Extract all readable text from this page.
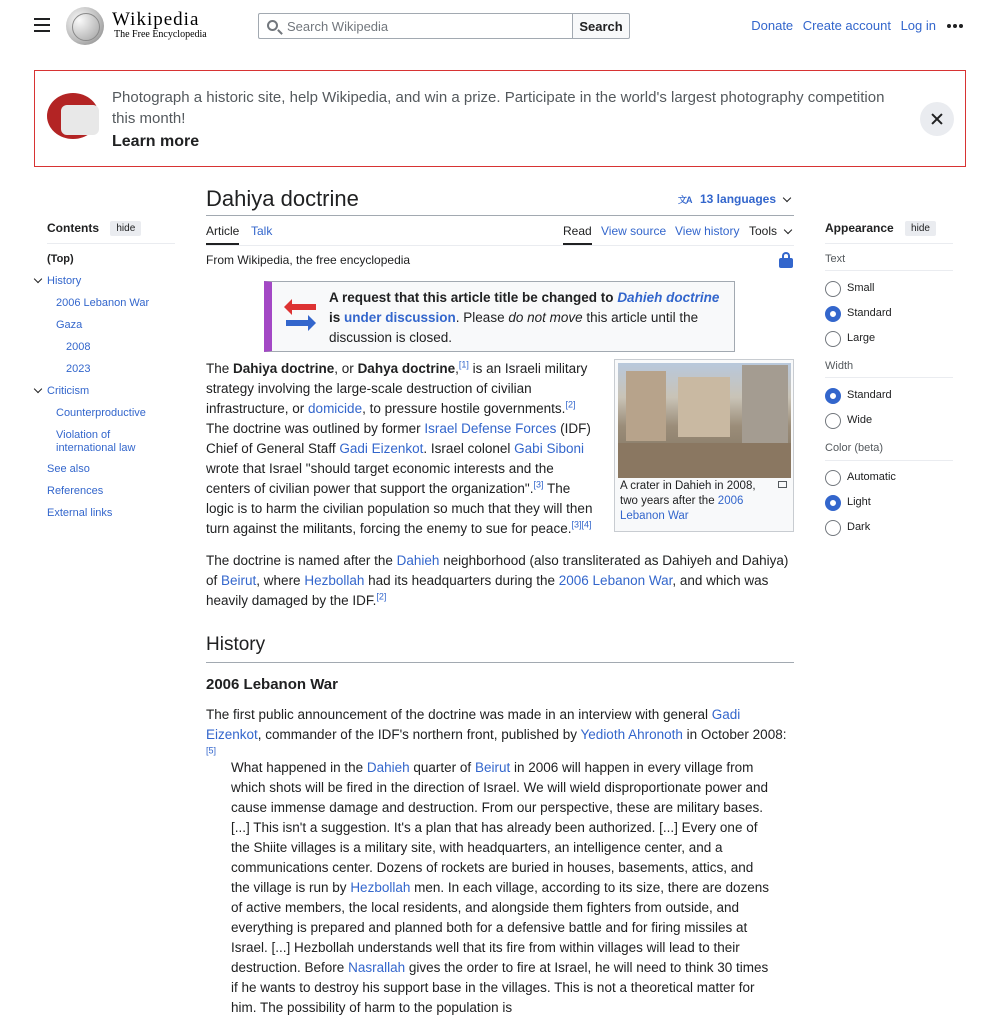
Wikipedia
The Free Encyclopedia
Search Wikipedia
Search	Donate Create account Log in
Photograph a historic site, help Wikipedia, and win a prize. Participate in the world's largest photography competition this month!
Learn more
Contents hide
(Top)
History
2006 Lebanon War
Gaza
2008
2023
Criticism
Counterproductive
Violation of international law
See also
References
External links
Dahiya doctrine
文A	13 languages
Article Talk	Read View source View history Tools
From Wikipedia, the free encyclopedia
A request that this article title be changed to Dahieh doctrine is under discussion. Please do not move this article until the discussion is closed.
The Dahiya doctrine, or Dahya doctrine,[1] is an Israeli military strategy involving the large-scale destruction of civilian infrastructure, or domicide, to pressure hostile governments.[2] The doctrine was outlined by former Israel Defense Forces (IDF) Chief of General Staff Gadi Eizenkot. Israel colonel Gabi Siboni wrote that Israel "should target economic interests and the centers of civilian power that support the organization".[3] The logic is to harm the civilian population so much that they will then turn against the militants, forcing the enemy to sue for peace.[3][4]
A crater in Dahieh in 2008, two years after the 2006 Lebanon War
The doctrine is named after the Dahieh neighborhood (also transliterated as Dahiyeh and Dahiya) of Beirut, where Hezbollah had its headquarters during the 2006 Lebanon War, and which was heavily damaged by the IDF.[2]
History
2006 Lebanon War
The first public announcement of the doctrine was made in an interview with general Gadi Eizenkot, commander of the IDF's northern front, published by Yedioth Ahronoth in October 2008:[5]
What happened in the Dahieh quarter of Beirut in 2006 will happen in every village from which shots will be fired in the direction of Israel. We will wield disproportionate power and cause immense damage and destruction. From our perspective, these are military bases. [...] This isn't a suggestion. It's a plan that has already been authorized. [...] Every one of the Shiite villages is a military site, with headquarters, an intelligence center, and a communications center. Dozens of rockets are buried in houses, basements, attics, and the village is run by Hezbollah men. In each village, according to its size, there are dozens of active members, the local residents, and alongside them fighters from outside, and everything is prepared and planned both for a defensive battle and for firing missiles at Israel. [...] Hezbollah understands well that its fire from within villages will lead to their destruction. Before Nasrallah gives the order to fire at Israel, he will need to think 30 times if he wants to destroy his support base in the villages. This is not a theoretical matter for him. The possibility of harm to the population is
Appearance hide
Text
Small
Standard
Large
Width
Standard
Wide
Color (beta)
Automatic
Light
Dark
